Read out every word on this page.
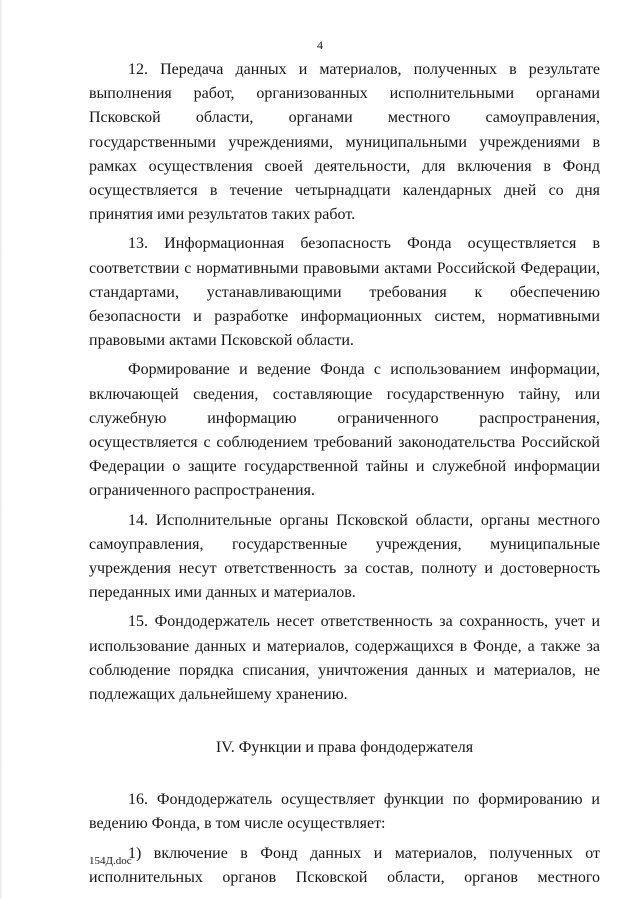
4

12. Передача данных и материалов, полученных в результате выполнения работ, организованных исполнительными органами Псковской области, органами местного самоуправления, государственными учреждениями, муниципальными учреждениями в рамках осуществления своей деятельности, для включения в Фонд осуществляется в течение четырнадцати календарных дней со дня принятия ими результатов таких работ.

13. Информационная безопасность Фонда осуществляется в соответствии с нормативными правовыми актами Российской Федерации, стандартами, устанавливающими требования к обеспечению безопасности и разработке информационных систем, нормативными правовыми актами Псковской области.

Формирование и ведение Фонда с использованием информации, включающей сведения, составляющие государственную тайну, или служебную информацию ограниченного распространения, осуществляется с соблюдением требований законодательства Российской Федерации о защите государственной тайны и служебной информации ограниченного распространения.

14. Исполнительные органы Псковской области, органы местного самоуправления, государственные учреждения, муниципальные учреждения несут ответственность за состав, полноту и достоверность переданных ими данных и материалов.

15. Фондодержатель несет ответственность за сохранность, учет и использование данных и материалов, содержащихся в Фонде, а также за соблюдение порядка списания, уничтожения данных и материалов, не подлежащих дальнейшему хранению.

IV. Функции и права фондодержателя

16. Фондодержатель осуществляет функции по формированию и ведению Фонда, в том числе осуществляет:

1) включение в Фонд данных и материалов, полученных от исполнительных органов Псковской области, органов местного

154Д.doc
